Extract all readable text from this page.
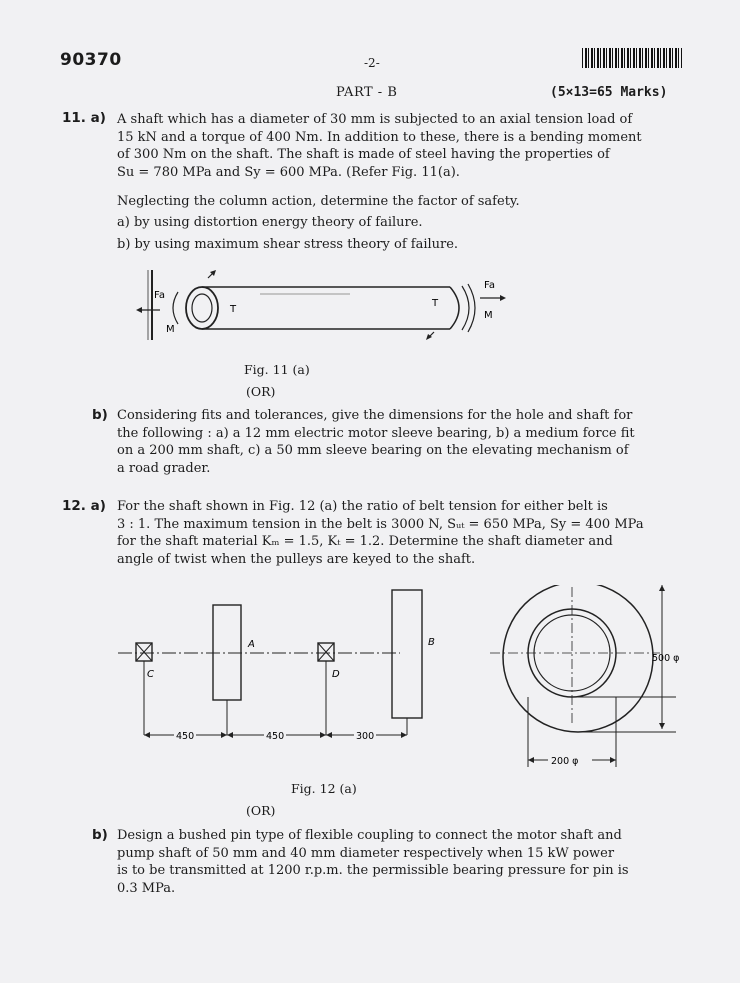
90370	-2-
PART - B	(5×13=65 Marks)
11. a) A shaft which has a diameter of 30 mm is subjected to an axial tension load of

15 kN and a torque of 400 Nm. In addition to these, there is a bending moment

of 300 Nm on the shaft. The shaft is made of steel having the properties of

Su = 780 MPa and Sy = 600 MPa. (Refer Fig. 11(a).

Neglecting the column action, determine the factor of safety.
a) by using distortion energy theory of failure.
b) by using maximum shear stress theory of failure.
Fa
M
T
T
Fa
M
Fig. 11 (a)
(OR)
b) Considering fits and tolerances, give the dimensions for the hole and shaft for

the following : a) a 12 mm electric motor sleeve bearing, b) a medium force fit

on a 200 mm shaft, c) a 50 mm sleeve bearing on the elevating mechanism of

a road grader.

12. a) For the shaft shown in Fig. 12 (a) the ratio of belt tension for either belt is

3 : 1. The maximum tension in the belt is 3000 N, Sᵤₜ = 650 MPa, Sy = 400 MPa

for the shaft material Kₘ = 1.5, Kₜ = 1.2. Determine the shaft diameter and

angle of twist when the pulleys are keyed to the shaft.

C
A
D
B
450	450	300
500 φ
200 φ
Fig. 12 (a)
(OR)
b) Design a bushed pin type of flexible coupling to connect the motor shaft and

pump shaft of 50 mm and 40 mm diameter respectively when 15 kW power

is to be transmitted at 1200 r.p.m. the permissible bearing pressure for pin is

0.3 MPa.
